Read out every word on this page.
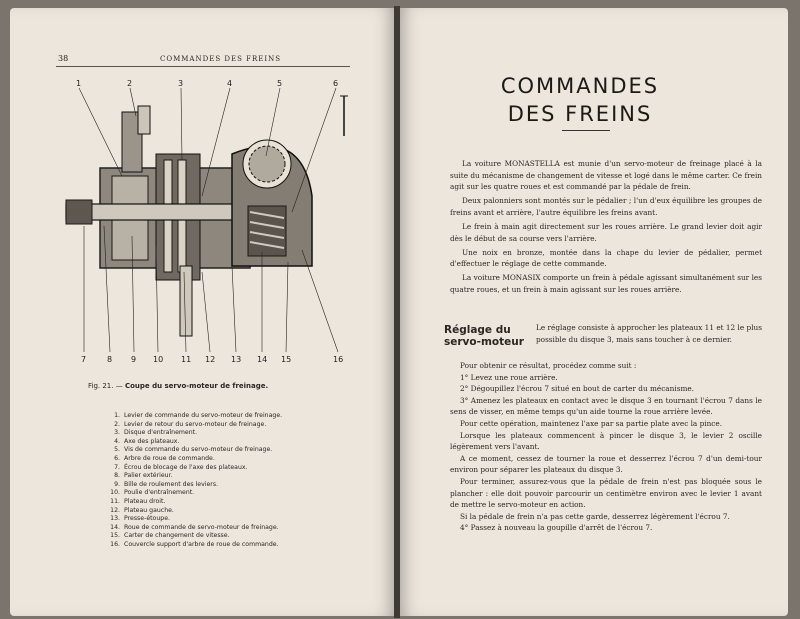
38	COMMANDES DES FREINS
1	2	3	4	5	6
7	8 9 10 11 12 13 14 15	16
Fig. 21. — Coupe du servo-moteur de freinage.
1. Levier de commande du servo-moteur de freinage.
2. Levier de retour du servo-moteur de freinage.
3. Disque d'entraînement.
4. Axe des plateaux.
5. Vis de commande du servo-moteur de freinage.
6. Arbre de roue de commande.
7. Écrou de blocage de l'axe des plateaux.
8. Palier extérieur.
9. Bille de roulement des leviers.
10. Poulie d'entraînement.
11. Plateau droit.
12. Plateau gauche.
13. Presse-étoupe.
14. Roue de commande de servo-moteur de freinage.
15. Carter de changement de vitesse.
16. Couvercle support d'arbre de roue de commande.
COMMANDES
DES FREINS

La voiture MONASTELLA est munie d'un servo-moteur de freinage placé à la suite du mécanisme de changement de vitesse et logé dans le même carter. Ce frein agit sur les quatre roues et est commandé par la pédale de frein.

Deux palonniers sont montés sur le pédalier ; l'un d'eux équilibre les groupes de freins avant et arrière, l'autre équilibre les freins avant.

Le frein à main agit directement sur les roues arrière. Le grand levier doit agir dès le début de sa course vers l'arrière.

Une noix en bronze, montée dans la chape du levier de pédalier, permet d'effectuer le réglage de cette commande.

La voiture MONASIX comporte un frein à pédale agissant simultanément sur les quatre roues, et un frein à main agissant sur les roues arrière.

Réglage du
servo-moteur
Le réglage consiste à approcher les plateaux 11 et 12 le plus possible du disque 3, mais sans toucher à ce dernier.

Pour obtenir ce résultat, procédez comme suit :

1° Levez une roue arrière.

2° Dégoupillez l'écrou 7 situé en bout de carter du mécanisme.

3° Amenez les plateaux en contact avec le disque 3 en tournant l'écrou 7 dans le sens de visser, en même temps qu'un aide tourne la roue arrière levée.

Pour cette opération, maintenez l'axe par sa partie plate avec la pince.

Lorsque les plateaux commencent à pincer le disque 3, le levier 2 oscille légèrement vers l'avant.

A ce moment, cessez de tourner la roue et desserrez l'écrou 7 d'un demi-tour environ pour séparer les plateaux du disque 3.

Pour terminer, assurez-vous que la pédale de frein n'est pas bloquée sous le plancher : elle doit pouvoir parcourir un centimètre environ avec le levier 1 avant de mettre le servo-moteur en action.

Si la pédale de frein n'a pas cette garde, desserrez légèrement l'écrou 7.

4° Passez à nouveau la goupille d'arrêt de l'écrou 7.
